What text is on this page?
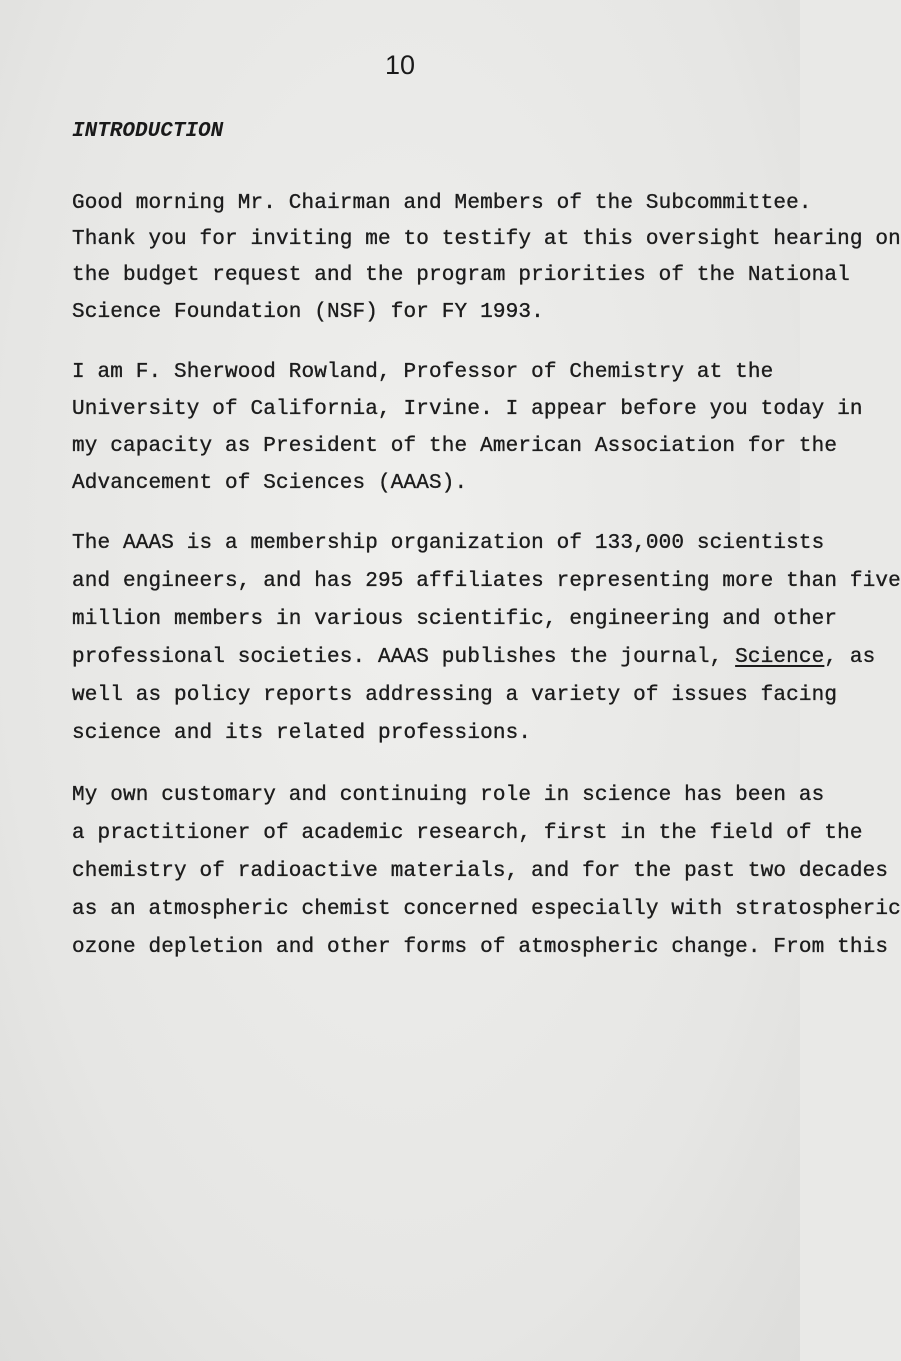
10
INTRODUCTION
Good morning Mr. Chairman and Members of the Subcommittee.
Thank you for inviting me to testify at this oversight hearing on
the budget request and the program priorities of the National
Science Foundation (NSF) for FY 1993.
I am F. Sherwood Rowland, Professor of Chemistry at the
University of California, Irvine. I appear before you today in
my capacity as President of the American Association for the
Advancement of Sciences (AAAS).
The AAAS is a membership organization of 133,000 scientists
and engineers, and has 295 affiliates representing more than five
million members in various scientific, engineering and other
professional societies. AAAS publishes the journal, Science, as
well as policy reports addressing a variety of issues facing
science and its related professions.
My own customary and continuing role in science has been as
a practitioner of academic research, first in the field of the
chemistry of radioactive materials, and for the past two decades
as an atmospheric chemist concerned especially with stratospheric
ozone depletion and other forms of atmospheric change. From this
